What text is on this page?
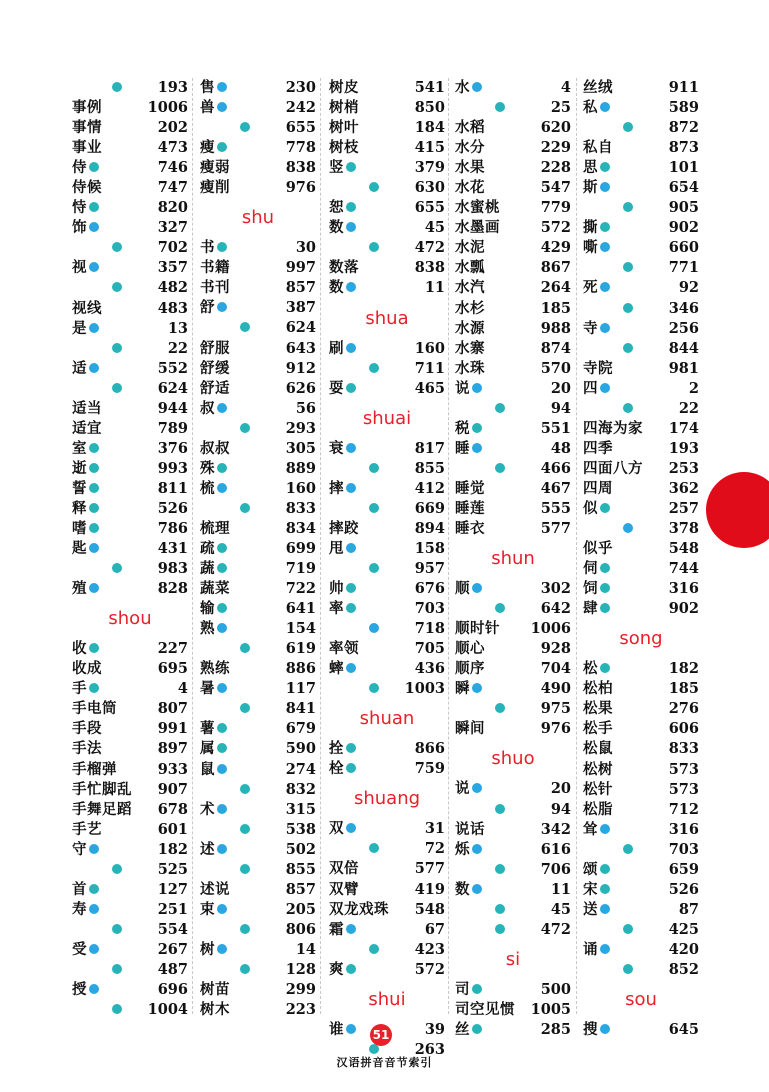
193
事例	1006
事情	202
事业	473
侍	746
侍候	747
恃	820
饰	327
702
视	357
482
视线	483
是	13
22
适	552
624
适当	944
适宜	789
室	376
逝	993
誓	811
释	526
嗜	786
匙	431
983
殖	828
shou
收	227
收成	695
手	4
手电筒	807
手段	991
手法	897
手榴弹	933
手忙脚乱	907
手舞足蹈	678
手艺	601
守	182
525
首	127
寿	251
554
受	267
487
授	696
1004
售	230
兽	242
655
瘦	778
瘦弱	838
瘦削	976
shu
书	30
书籍	997
书刊	857
舒	387
624
舒服	643
舒缓	912
舒适	626
叔	56
293
叔叔	305
殊	889
梳	160
833
梳理	834
疏	699
蔬	719
蔬菜	722
输	641
熟	154
619
熟练	886
暑	117
841
薯	679
属	590
鼠	274
832
术	315
538
述	502
855
述说	857
束	205
806
树	14
128
树苗	299
树木	223
树皮	541
树梢	850
树叶	184
树枝	415
竖	379
630
恕	655
数	45
472
数落	838
数	11
shua
刷	160
711
耍	465
shuai
衰	817
855
摔	412
669
摔跤	894
甩	158
957
帅	676
率	703
718
率领	705
蟀	436
1003
shuan
拴	866
栓	759
shuang
双	31
72
双倍	577
双臂	419
双龙戏珠	548
霜	67
423
爽	572
shui
谁	39
263
水	4
25
水稻	620
水分	229
水果	228
水花	547
水蜜桃	779
水墨画	572
水泥	429
水瓢	867
水汽	264
水杉	185
水源	988
水寨	874
水珠	570
说	20
94
税	551
睡	48
466
睡觉	467
睡莲	555
睡衣	577
shun
顺	302
642
顺时针	1006
顺心	928
顺序	704
瞬	490
975
瞬间	976
shuo
说	20
94
说话	342
烁	616
706
数	11
45
472
si
司	500
司空见惯	1005
丝	285
丝绒	911
私	589
872
私自	873
思	101
斯	654
905
撕	902
嘶	660
771
死	92
346
寺	256
844
寺院	981
四	2
22
四海为家	174
四季	193
四面八方	253
四周	362
似	257
378
似乎	548
伺	744
饲	316
肆	902
song
松	182
松柏	185
松果	276
松手	606
松鼠	833
松树	573
松针	573
松脂	712
耸	316
703
颂	659
宋	526
送	87
425
诵	420
852
sou
搜	645
51
汉语拼音音节索引
